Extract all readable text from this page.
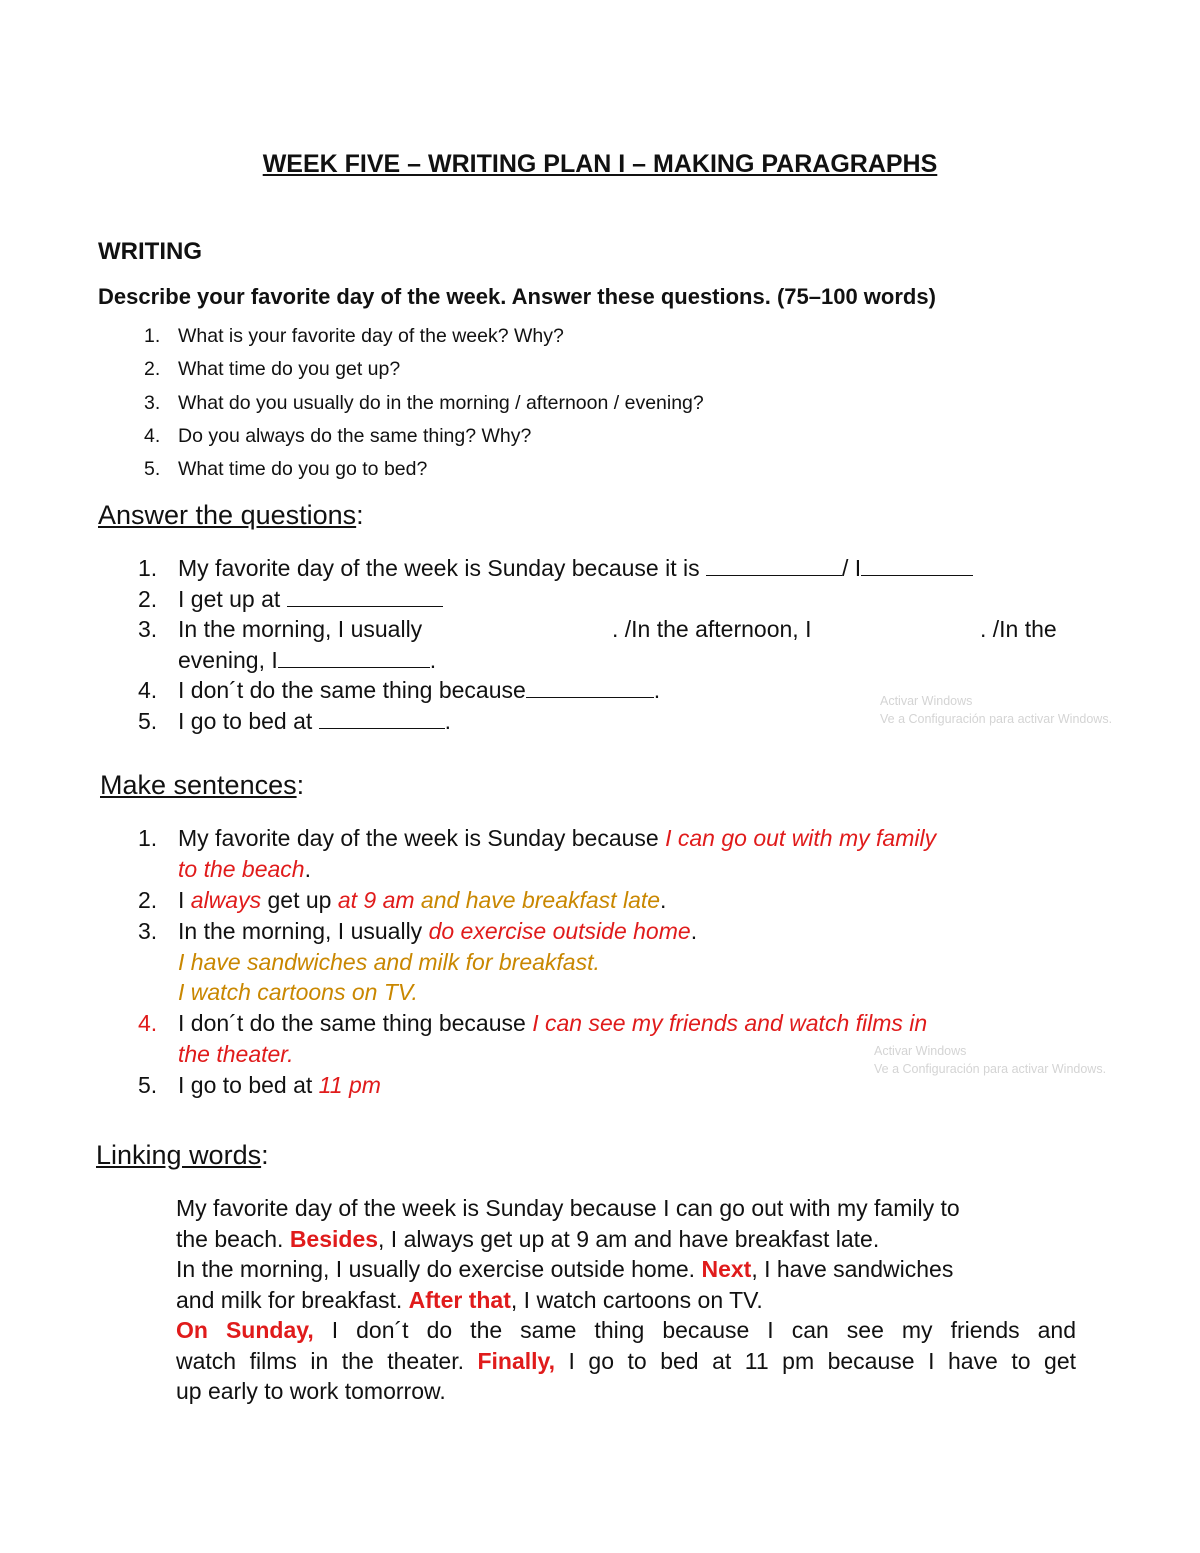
WEEK FIVE – WRITING PLAN I – MAKING PARAGRAPHS
WRITING
Describe your favorite day of the week. Answer these questions. (75–100 words)
1. What is your favorite day of the week? Why?
2. What time do you get up?
3. What do you usually do in the morning / afternoon / evening?
4. Do you always do the same thing? Why?
5. What time do you go to bed?
Answer the questions:
1. My favorite day of the week is Sunday because it is	/ I
2. I get up at
3. In the morning, I usually	. /In the afternoon, I	. /In the
evening, I	.
4. I don´t do the same thing because	.
5. I go to bed at	.
Activar Windows
Ve a Configuración para activar Windows.
Make sentences:
1. My favorite day of the week is Sunday because I can go out with my family
to the beach.
2. I always get up at 9 am and have breakfast late.
3. In the morning, I usually do exercise outside home.
I have sandwiches and milk for breakfast.
I watch cartoons on TV.
4. I don´t do the same thing because I can see my friends and watch films in
the theater.
5. I go to bed at 11 pm
Activar Windows
Ve a Configuración para activar Windows.
Linking words:
My favorite day of the week is Sunday because I can go out with my family to
the beach. Besides, I always get up at 9 am and have breakfast late.
In the morning, I usually do exercise outside home. Next, I have sandwiches
and milk for breakfast. After that, I watch cartoons on TV.
On Sunday, I don´t do the same thing because I can see my friends and
watch films in the theater. Finally, I go to bed at 11 pm because I have to get
up early to work tomorrow.
